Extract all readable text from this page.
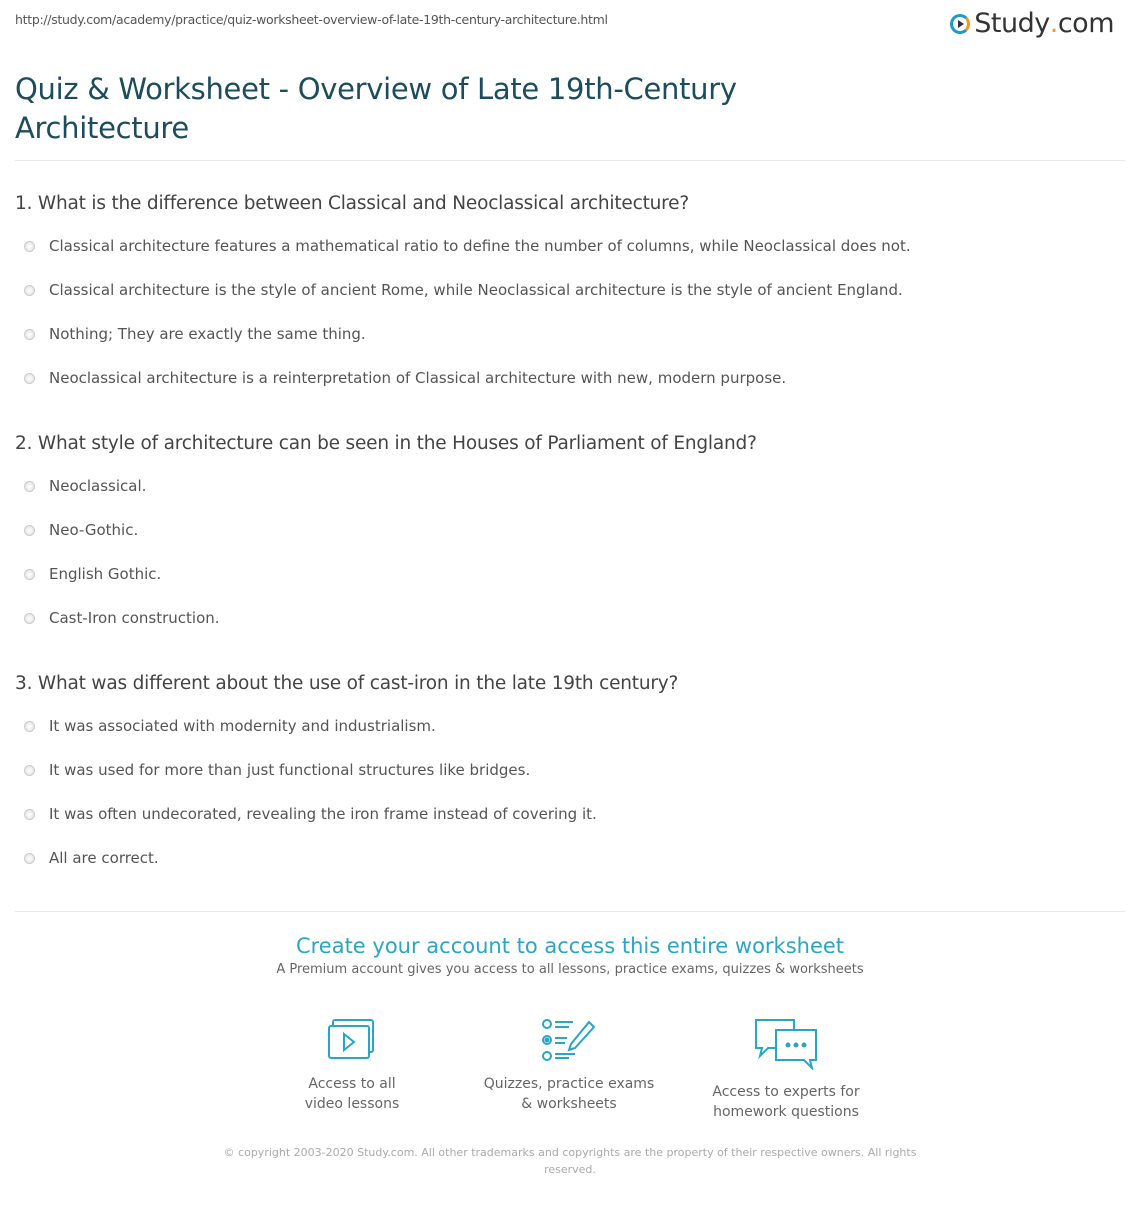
http://study.com/academy/practice/quiz-worksheet-overview-of-late-19th-century-architecture.html	Study . com
Quiz & Worksheet - Overview of Late 19th-Century Architecture
1. What is the difference between Classical and Neoclassical architecture?
Classical architecture features a mathematical ratio to define the number of columns, while Neoclassical does not.
Classical architecture is the style of ancient Rome, while Neoclassical architecture is the style of ancient England.
Nothing; They are exactly the same thing.
Neoclassical architecture is a reinterpretation of Classical architecture with new, modern purpose.
2. What style of architecture can be seen in the Houses of Parliament of England?
Neoclassical.
Neo-Gothic.
English Gothic.
Cast-Iron construction.
3. What was different about the use of cast-iron in the late 19th century?
It was associated with modernity and industrialism.
It was used for more than just functional structures like bridges.
It was often undecorated, revealing the iron frame instead of covering it.
All are correct.
Create your account to access this entire worksheet
A Premium account gives you access to all lessons, practice exams, quizzes & worksheets
Access to all
video lessons
Quizzes, practice exams
& worksheets
Access to experts for
homework questions
© copyright 2003-2020 Study.com. All other trademarks and copyrights are the property of their respective owners. All rights reserved.
